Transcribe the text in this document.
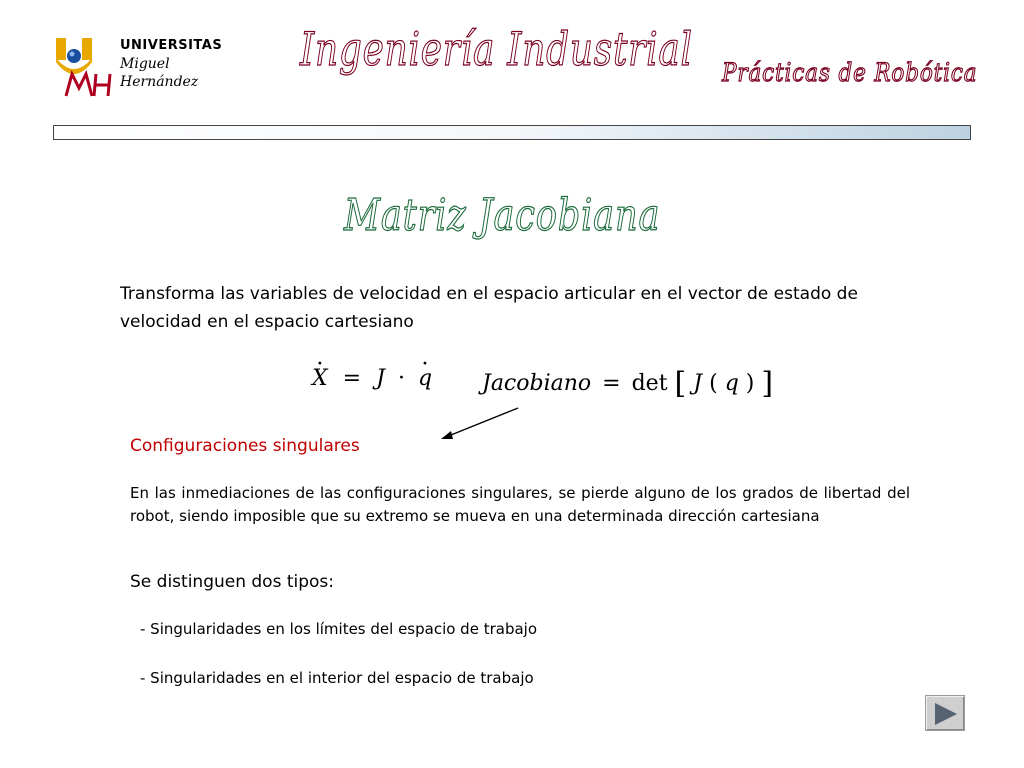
UNIVERSITAS
Miguel
Hernández
Ingeniería Industrial Prácticas de Robótica
Matriz Jacobiana
Transforma las variables de velocidad en el espacio articular en el vector de estado de velocidad en el espacio cartesiano
· X = J · · q Jacobiano = det [ J ( q ) ]
Configuraciones singulares
En las inmediaciones de las configuraciones singulares, se pierde alguno de los grados de libertad del robot, siendo imposible que su extremo se mueva en una determinada dirección cartesiana
Se distinguen dos tipos:
- Singularidades en los límites del espacio de trabajo
- Singularidades en el interior del espacio de trabajo
